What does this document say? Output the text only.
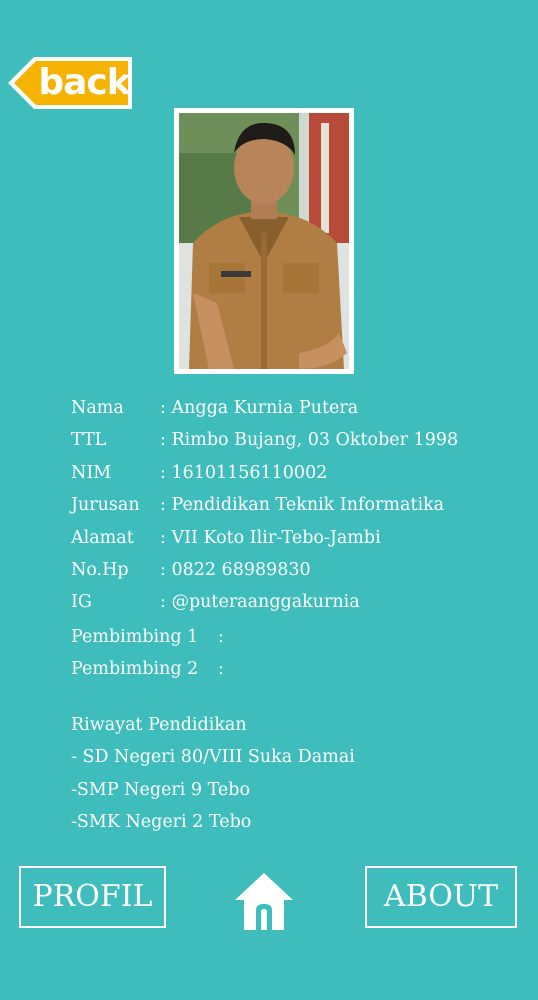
back
Nama	: Angga Kurnia Putera
TTL	: Rimbo Bujang, 03 Oktober 1998
NIM	: 16101156110002
Jurusan	: Pendidikan Teknik Informatika
Alamat	: VII Koto Ilir-Tebo-Jambi
No.Hp	: 0822 68989830
IG	: @puteraanggakurnia
Pembimbing 1	:
Pembimbing 2	:
Riwayat Pendidikan
- SD Negeri 80/VIII Suka Damai
-SMP Negeri 9 Tebo
-SMK Negeri 2 Tebo
PROFIL	ABOUT
